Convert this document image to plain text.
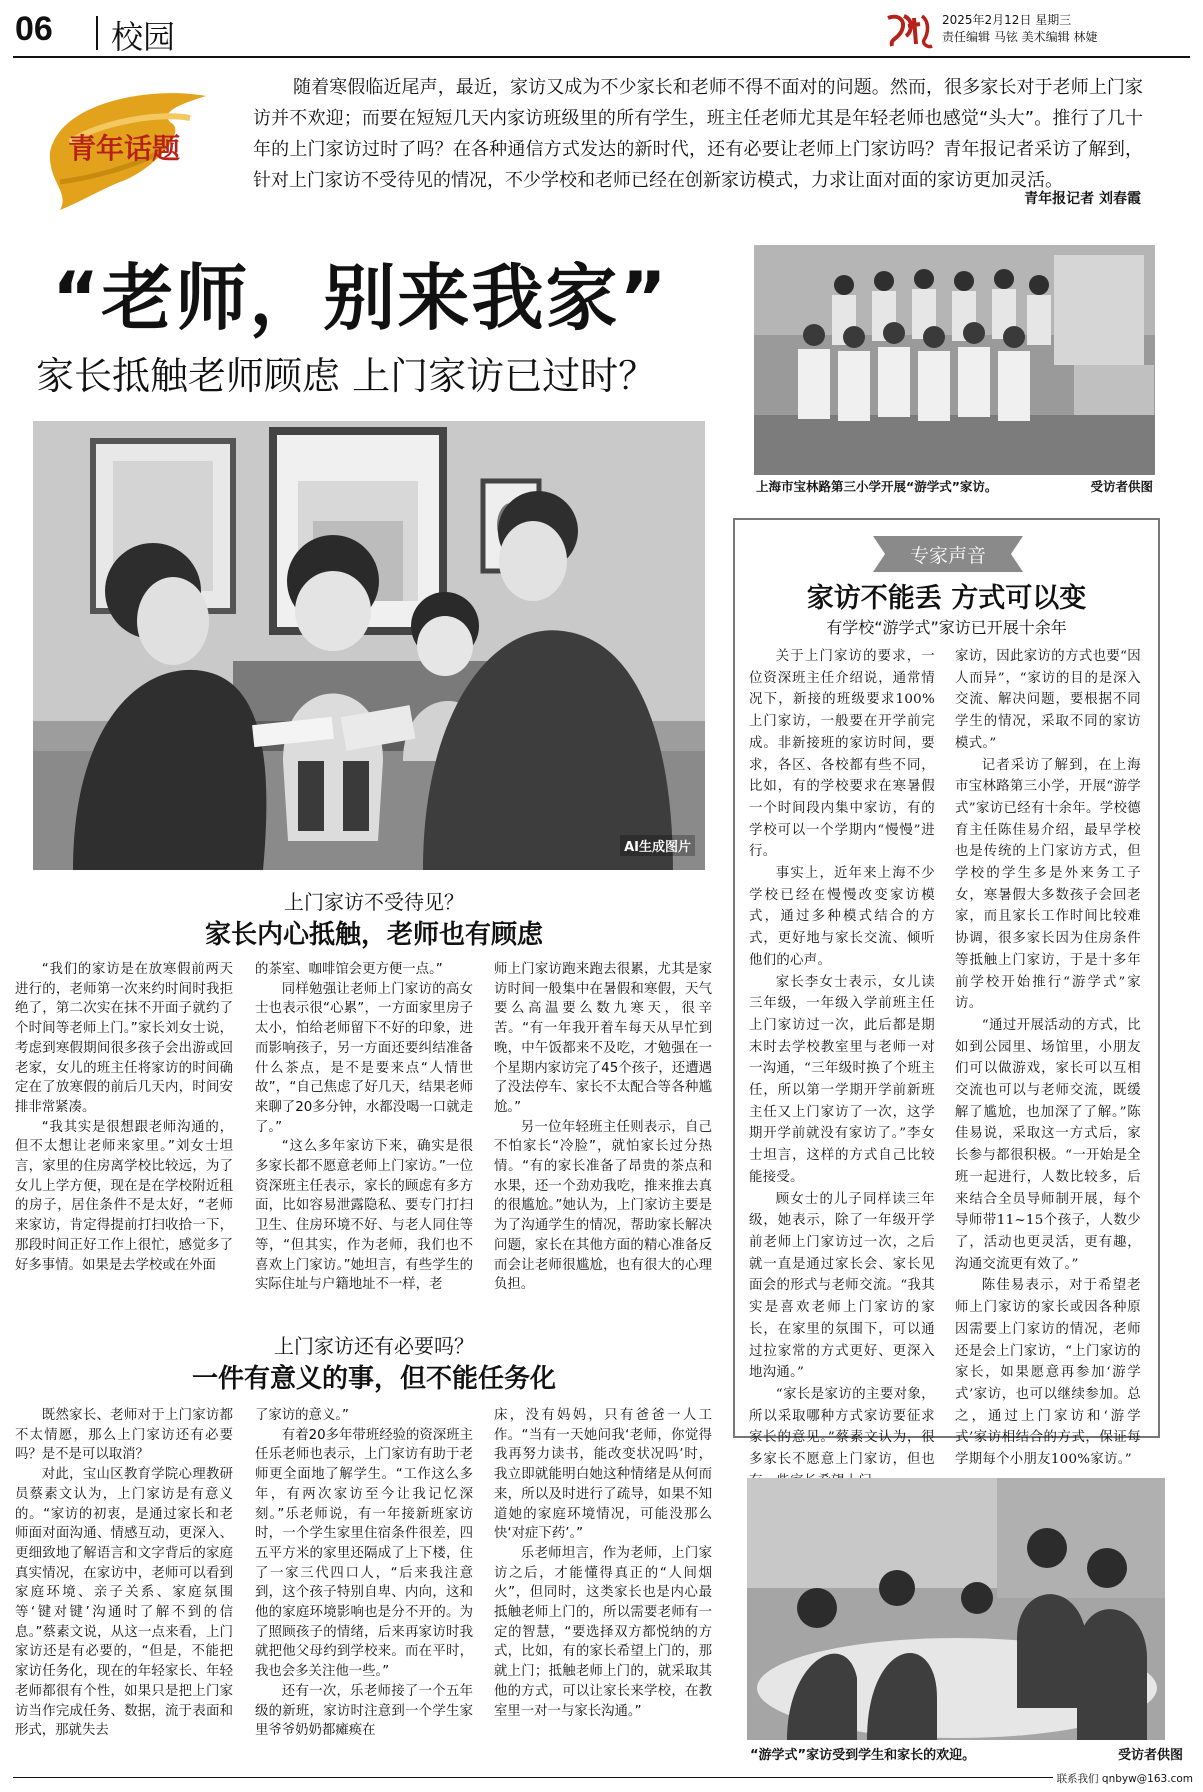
06 校园	2025年2月12日 星期三
责任编辑 马铉 美术编辑 林婕
青年话题

随着寒假临近尾声，最近，家访又成为不少家长和老师不得不面对的问题。然而，很多家长对于老师上门家访并不欢迎；而要在短短几天内家访班级里的所有学生，班主任老师尤其是年轻老师也感觉“头大”。推行了几十年的上门家访过时了吗？在各种通信方式发达的新时代，还有必要让老师上门家访吗？青年报记者采访了解到，针对上门家访不受待见的情况，不少学校和老师已经在创新家访模式，力求让面对面的家访更加灵活。

青年报记者 刘春霞
“老师，别来我家”
家长抵触老师顾虑 上门家访已过时？
AI生成图片
上海市宝林路第三小学开展“游学式”家访。	受访者供图
专家声音
家访不能丢 方式可以变
有学校“游学式”家访已开展十余年

关于上门家访的要求，一位资深班主任介绍说，通常情况下，新接的班级要求100%上门家访，一般要在开学前完成。非新接班的家访时间，要求，各区、各校都有些不同，比如，有的学校要求在寒暑假一个时间段内集中家访，有的学校可以一个学期内“慢慢”进行。

事实上，近年来上海不少学校已经在慢慢改变家访模式，通过多种模式结合的方式，更好地与家长交流、倾听他们的心声。

家长李女士表示，女儿读三年级，一年级入学前班主任上门家访过一次，此后都是期末时去学校教室里与老师一对一沟通，“三年级时换了个班主任，所以第一学期开学前新班主任又上门家访了一次，这学期开学前就没有家访了。”李女士坦言，这样的方式自己比较能接受。

顾女士的儿子同样读三年级，她表示，除了一年级开学前老师上门家访过一次，之后就一直是通过家长会、家长见面会的形式与老师交流。“我其实是喜欢老师上门家访的家长，在家里的氛围下，可以通过拉家常的方式更好、更深入地沟通。”

“家长是家访的主要对象，所以采取哪种方式家访要征求家长的意见。”蔡素文认为，很多家长不愿意上门家访，但也

家访，因此家访的方式也要“因人而异”，“家访的目的是深入交流、解决问题，要根据不同学生的情况，采取不同的家访模式。”

记者采访了解到，在上海市宝林路第三小学，开展“游学式”家访已经有十余年。学校德育主任陈佳易介绍，最早学校也是传统的上门家访方式，但学校的学生多是外来务工子女，寒暑假大多数孩子会回老家，而且家长工作时间比较难协调，很多家长因为住房条件等抵触上门家访，于是十多年前学校开始推行“游学式”家访。

“通过开展活动的方式，比如到公园里、场馆里，小朋友们可以做游戏，家长可以互相交流也可以与老师交流，既缓解了尴尬，也加深了了解。”陈佳易说，采取这一方式后，家长参与都很积极。“一开始是全班一起进行，人数比较多，后来结合全员导师制开展，每个导师带11~15个孩子，人数少了，活动也更灵活，更有趣，沟通交流更有效了。”

陈佳易表示，对于希望老师上门家访的家长或因各种原因需要上门家访的情况，老师还是会上门家访，“上门家访的家长，如果愿意再参加‘游学式’家访，也可以继续参加。总之，通过上门家访和‘游学式’家访相结合的方式，保证每学期每个小朋友100%家访。”

上门家访不受待见？
家长内心抵触，老师也有顾虑

“我们的家访是在放寒假前两天进行的，老师第一次来约时间时我拒绝了，第二次实在抹不开面子就约了个时间等老师上门。”家长刘女士说，考虑到寒假期间很多孩子会出游或回老家，女儿的班主任将家访的时间确定在了放寒假的前后几天内，时间安排非常紧凑。

“我其实是很想跟老师沟通的，但不太想让老师来家里。”刘女士坦言，家里的住房离学校比较远，为了女儿上学方便，现在是在学校附近租的房子，居住条件不是太好，“老师来家访，肯定得提前打扫收拾一下，那段时间正好工作上很忙，感觉多了好多事情。如果是去学校或在外面

的茶室、咖啡馆会更方便一点。”

同样勉强让老师上门家访的高女士也表示很“心累”，一方面家里房子太小，怕给老师留下不好的印象，进而影响孩子，另一方面还要纠结准备什么茶点，是不是要来点“人情世故”，“自己焦虑了好几天，结果老师来聊了20多分钟，水都没喝一口就走了。”

“这么多年家访下来，确实是很多家长都不愿意老师上门家访。”一位资深班主任表示，家长的顾虑有多方面，比如容易泄露隐私、要专门打扫卫生、住房环境不好、与老人同住等等，“但其实，作为老师，我们也不喜欢上门家访。”她坦言，有些学生的实际住址与户籍地址不一样，老

师上门家访跑来跑去很累，尤其是家访时间一般集中在暑假和寒假，天气要么高温要么数九寒天，很辛苦。“有一年我开着车每天从早忙到晚，中午饭都来不及吃，才勉强在一个星期内家访完了45个孩子，还遭遇了没法停车、家长不太配合等各种尴尬。”

另一位年轻班主任则表示，自己不怕家长“冷脸”，就怕家长过分热情。“有的家长准备了昂贵的茶点和水果，还一个劲劝我吃，推来推去真的很尴尬。”她认为，上门家访主要是为了沟通学生的情况，帮助家长解决问题，家长在其他方面的精心准备反而会让老师很尴尬，也有很大的心理负担。

上门家访还有必要吗？
一件有意义的事，但不能任务化

既然家长、老师对于上门家访都不太情愿，那么上门家访还有必要吗？是不是可以取消？

对此，宝山区教育学院心理教研员蔡素文认为，上门家访是有意义的。“家访的初衷，是通过家长和老师面对面沟通、情感互动，更深入、更细致地了解语言和文字背后的家庭真实情况，在家访中，老师可以看到家庭环境、亲子关系、家庭氛围等‘键对键’沟通时了解不到的信息。”蔡素文说，从这一点来看，上门家访还是有必要的，“但是，不能把家访任务化，现在的年轻家长、年轻老师都很有个性，如果只是把上门家访当作完成任务、数据，流于表面和形式，那就失去

了家访的意义。”

有着20多年带班经验的资深班主任乐老师也表示，上门家访有助于老师更全面地了解学生。“工作这么多年，有两次家访至今让我记忆深刻。”乐老师说，有一年接新班家访时，一个学生家里住宿条件很差，四五平方米的家里还隔成了上下楼，住了一家三代四口人，“后来我注意到，这个孩子特别自卑、内向，这和他的家庭环境影响也是分不开的。为了照顾孩子的情绪，后来再家访时我就把他父母约到学校来。而在平时，我也会多关注他一些。”

还有一次，乐老师接了一个五年级的新班，家访时注意到一个学生家里爷爷奶奶都瘫痪在

床，没有妈妈，只有爸爸一人工作。“当有一天她问我‘老师，你觉得我再努力读书，能改变状况吗’时，我立即就能明白她这种情绪是从何而来，所以及时进行了疏导，如果不知道她的家庭环境情况，可能没那么快‘对症下药’。”

乐老师坦言，作为老师，上门家访之后，才能懂得真正的“人间烟火”，但同时，这类家长也是内心最抵触老师上门的，所以需要老师有一定的智慧，“要选择双方都悦纳的方式，比如，有的家长希望上门的，那就上门；抵触老师上门的，就采取其他的方式，可以让家长来学校，在教室里一对一与家长沟通。”

“游学式”家访受到学生和家长的欢迎。	受访者供图
联系我们 qnbyw@163.com
